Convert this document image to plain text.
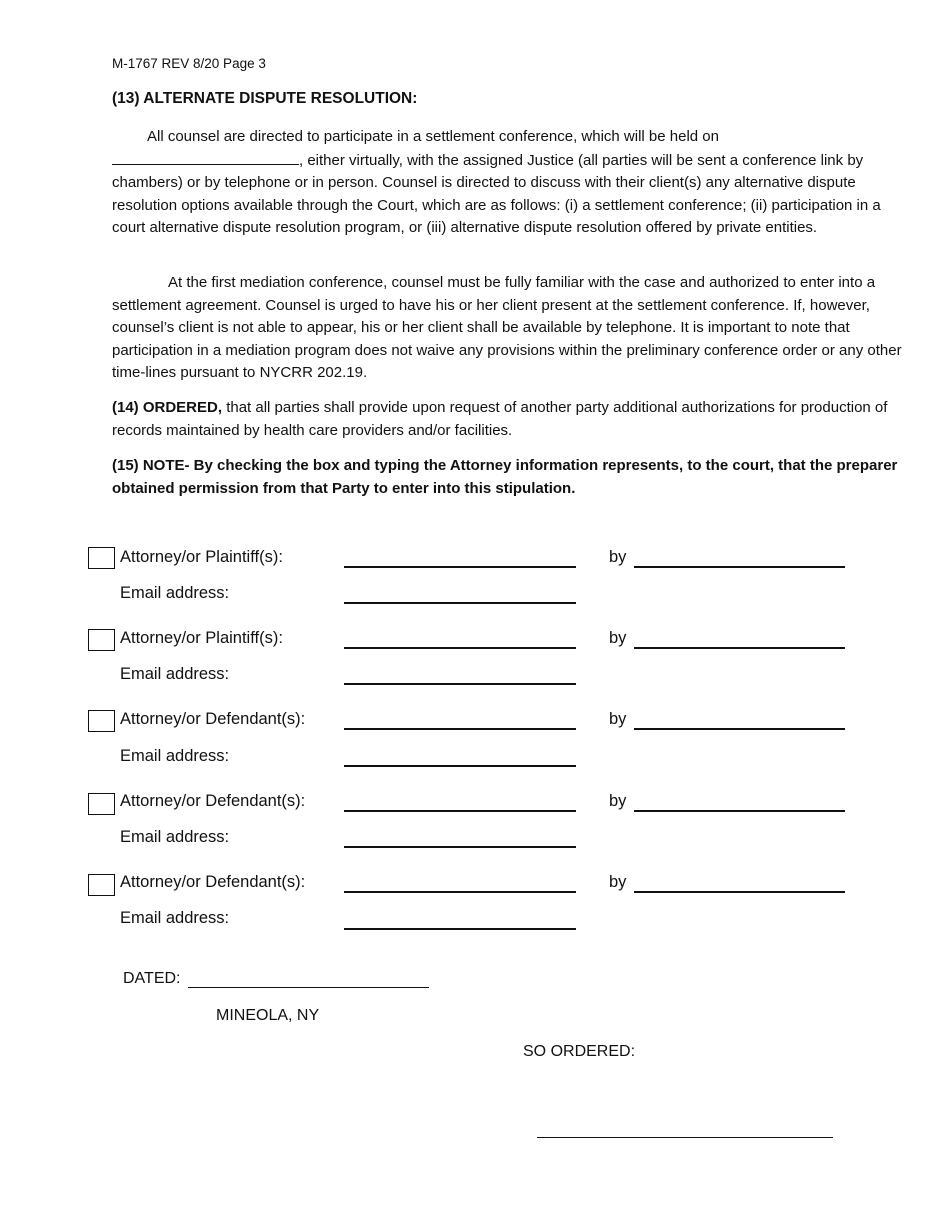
M-1767 REV 8/20 Page 3
(13) ALTERNATE DISPUTE RESOLUTION:
All counsel are directed to participate in a settlement conference, which will be held on , either virtually, with the assigned Justice (all parties will be sent a conference link by chambers) or by telephone or in person. Counsel is directed to discuss with their client(s) any alternative dispute resolution options available through the Court, which are as follows: (i) a settlement conference; (ii) participation in a court alternative dispute resolution program, or (iii) alternative dispute resolution offered by private entities.
At the first mediation conference, counsel must be fully familiar with the case and authorized to enter into a settlement agreement. Counsel is urged to have his or her client present at the settlement conference. If, however, counsel’s client is not able to appear, his or her client shall be available by telephone. It is important to note that participation in a mediation program does not waive any provisions within the preliminary conference order or any other time-lines pursuant to NYCRR 202.19.
(14) ORDERED, that all parties shall provide upon request of another party additional authorizations for production of records maintained by health care providers and/or facilities.
(15) NOTE- By checking the box and typing the Attorney information represents, to the court, that the preparer obtained permission from that Party to enter into this stipulation.
Attorney/or Plaintiff(s):	by
Email address:
Attorney/or Plaintiff(s):	by
Email address:
Attorney/or Defendant(s):	by
Email address:
Attorney/or Defendant(s):	by
Email address:
Attorney/or Defendant(s):	by
Email address:
DATED:
MINEOLA, NY
SO ORDERED:
